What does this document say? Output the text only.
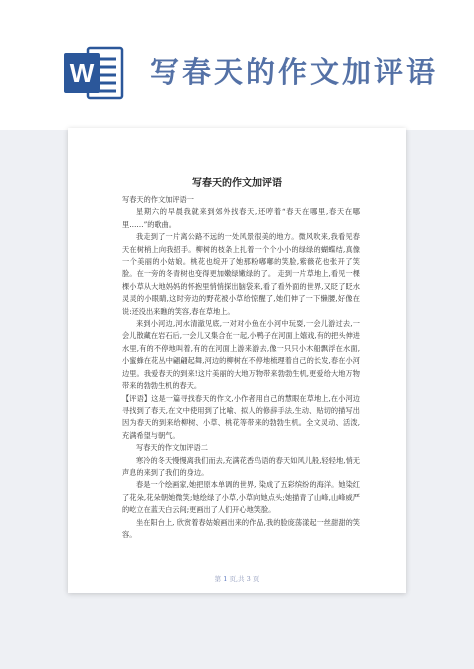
W 写春天的作文加评语
写春天的作文加评语

写春天的作文加评语一

星期六的早晨我就来到郊外找春天,还哼着“春天在哪里,春天在哪里……”的歌曲。

我走到了一片离公路不远的一处风景很美的地方。微风吹来,我看见春天在树梢上向我招手。柳树的枝条上扎着一个个小小的绿绿的蝴蝶结,真像一个美丽的小姑娘。桃花也绽开了她那粉嘟嘟的笑脸,紫薇花也张开了笑脸。在一旁的冬青树也变得更加嫩绿嫩绿的了。 走到一片草地上,看见一棵棵小草从大地妈妈的怀抱里悄悄探出脑袋来,看了看外面的世界,又眨了眨水灵灵的小眼睛,这时旁边的野花被小草给惊醒了,她们伸了一下懒腰,好像在说:还没出来瞧的笑容,春在草地上。

来到小河边,河水清澈见底,一对对小鱼在小河中玩耍,一会儿游过去,一会儿散藏在岩石后,一会儿又集合在一起,小鸭子在河面上嬉戏,有的把头伸进水里,有的不停地叫着,有的在河面上游来游去,像一只只小木船飘浮在水面,小蜜蜂在花丛中翩翩起舞,河边的柳树在不停地梳理着自己的长发,春在小河边里。我爱春天的到来!这片美丽的大地万物带来勃勃生机,更爱给大地万物带来的勃勃生机的春天。

【评语】这是一篇寻找春天的作文,小作者用自己的慧眼在草地上,在小河边寻找到了春天,在文中使用到了比喻、拟人的修辞手法,生动、贴切的描写出因为春天的到来给柳树、小草、桃花等带来的勃勃生机。全文灵动、活泼,充满希望与朝气。

写春天的作文加评语二

寒冷的冬天慢慢离我们而去,充满花香鸟语的春天如风儿般,轻轻地,悄无声息的来到了我们的身边。

春是一个绘画家,她把原本单调的世界, 染成了五彩缤纷的海洋。她染红了花朵,花朵朝她微笑;她绘绿了小草,小草向她点头;她描青了山峰,山峰威严的屹立在蓝天白云间;更画出了人们开心地笑脸。

坐在阳台上, 欣赏着春姑娘画出来的作品,我的脸庞荡漾起一丝甜甜的笑容。

第 1 页,共 3 页
